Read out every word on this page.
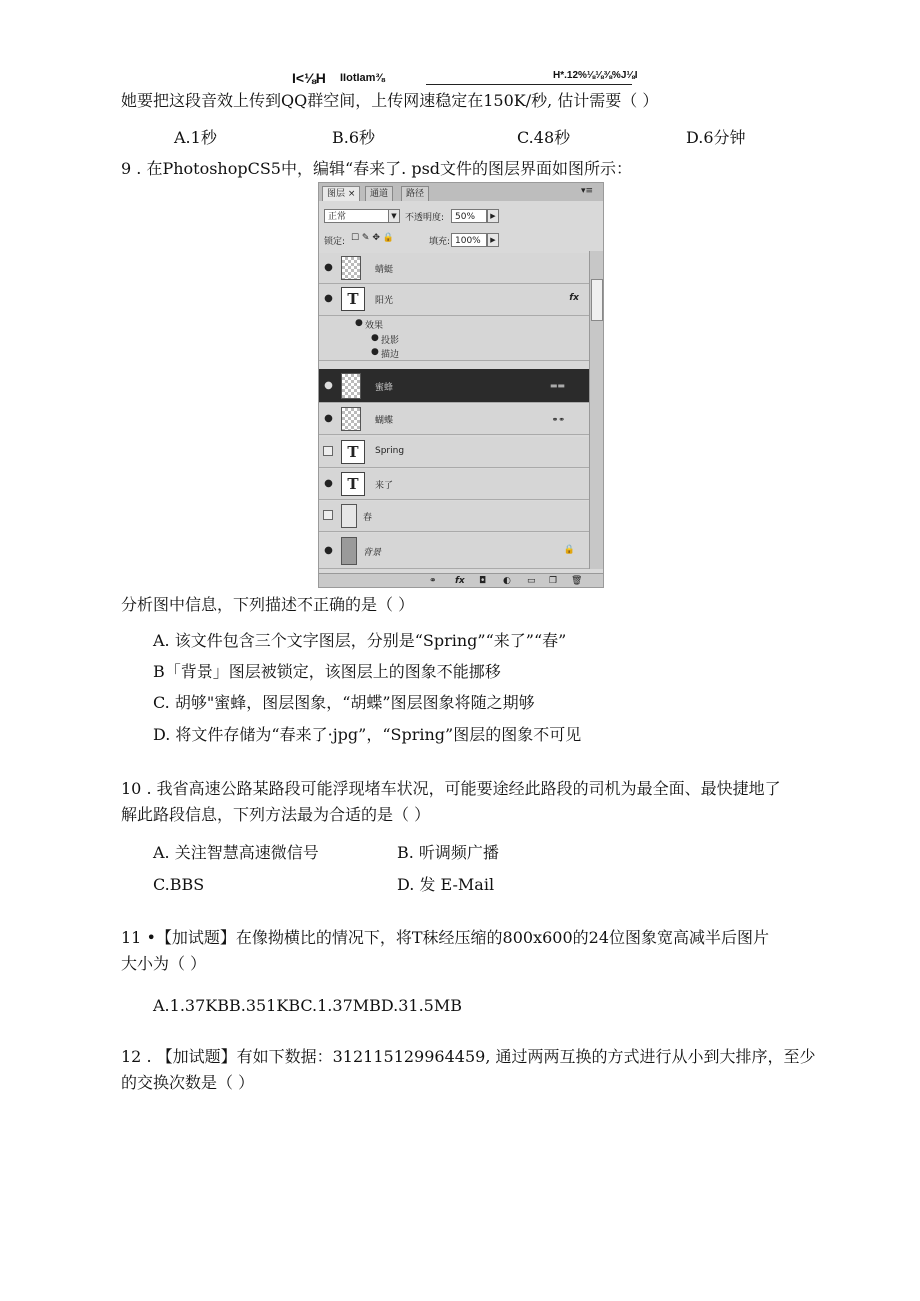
I<⅛H IIotIam⅜	H*.12%⅛⅛⅜%J⅛I
她要把这段音效上传到QQ群空间，上传网速稳定在150K/秒, 估计需要（ ）
A.1秒	B.6秒	C.48秒	D.6分钟
9 . 在PhotoshopCS5中，编辑“春来了. psd文件的图层界面如图所示：
图层 ×	通道	路径	▾≡
正常	▼ 不透明度:	50%	▶
锁定: ☐ ✎ ✥ 🔒	填充: 100%	▶
●	蜻蜓
● T	阳光	fx
● 效果
● 投影
● 描边
●	蜜蜂	▬▬
●	蝴蝶	⚭⚭
T	Spring
● T	来了
春
●	背景	🔒
⚭ fx ◘ ◐ ▭ ❐ 🗑
分析图中信息，下列描述不正确的是（ ）
A. 该文件包含三个文字图层，分别是“Spring”“来了”“春”
B「背景」图层被锁定，该图层上的图象不能挪移
C. 胡够"蜜蜂，图层图象，“胡蝶”图层图象将随之期够
D. 将文件存储为“春来了·jpg”，“Spring”图层的图象不可见
10 . 我省高速公路某路段可能浮现堵车状况，可能要途经此路段的司机为最全面、最快捷地了
解此路段信息，下列方法最为合适的是（ ）
A. 关注智慧高速微信号	B. 听调频广播
C.BBS	D. 发 E-Mail
11 •【加试题】在像拗横比的情况下，将T秣经压缩的800x600的24位图象宽高减半后图片
大小为（ ）
A.1.37KBB.351KBC.1.37MBD.31.5MB
12 . 【加试题】有如下数据：312115129964459, 通过两两互换的方式进行从小到大排序，至少
的交换次数是（ ）
